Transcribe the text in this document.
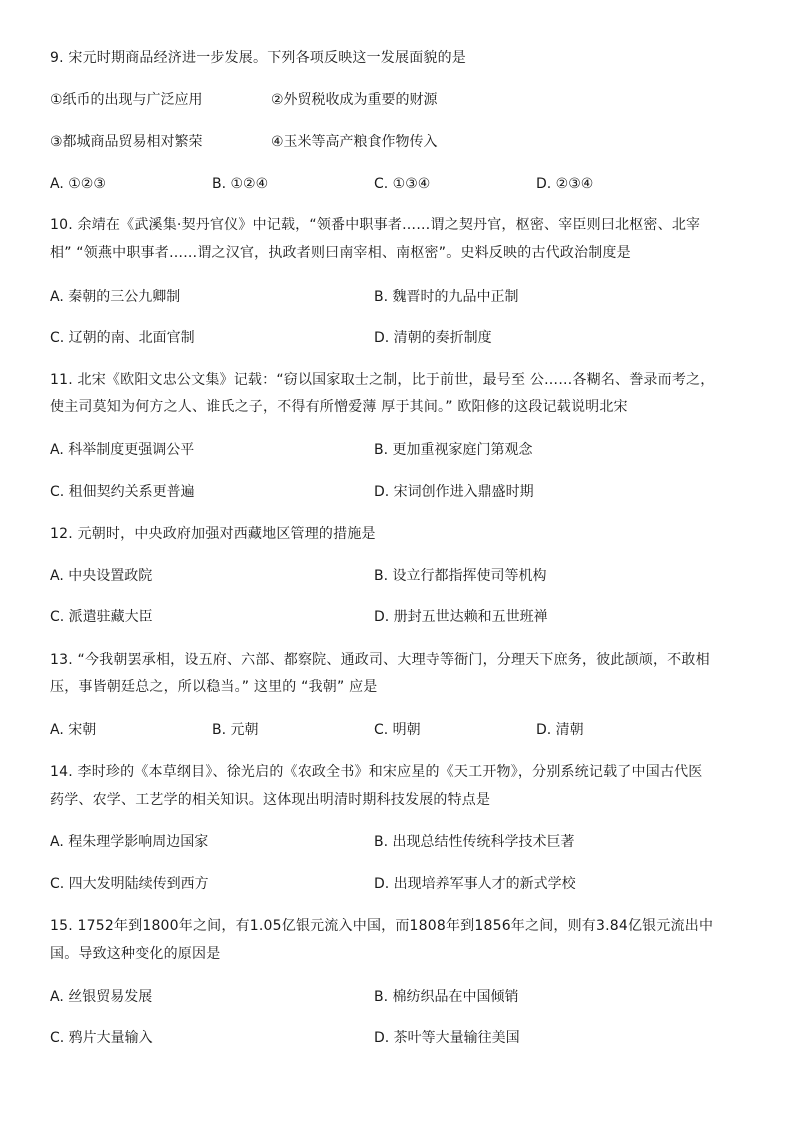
9. 宋元时期商品经济进一步发展。下列各项反映这一发展面貌的是
①纸币的出现与广泛应用	②外贸税收成为重要的财源
③都城商品贸易相对繁荣	④玉米等高产粮食作物传入
A. ①②③	B. ①②④	C. ①③④	D. ②③④
10. 余靖在《武溪集·契丹官仪》中记载，“领番中职事者……谓之契丹官，枢密、宰臣则曰北枢密、北宰
相” “领燕中职事者……谓之汉官，执政者则曰南宰相、南枢密”。史料反映的古代政治制度是
A. 秦朝的三公九卿制	B. 魏晋时的九品中正制
C. 辽朝的南、北面官制	D. 清朝的奏折制度
11. 北宋《欧阳文忠公文集》记载：“窃以国家取士之制，比于前世，最号至 公……各糊名、誊录而考之，
使主司莫知为何方之人、谁氏之子，不得有所憎爱薄 厚于其间。” 欧阳修的这段记载说明北宋
A. 科举制度更强调公平	B. 更加重视家庭门第观念
C. 租佃契约关系更普遍	D. 宋词创作进入鼎盛时期
12. 元朝时，中央政府加强对西藏地区管理的措施是
A. 中央设置政院	B. 设立行都指挥使司等机构
C. 派遣驻藏大臣	D. 册封五世达赖和五世班禅
13. “今我朝罢承相，设五府、六部、都察院、通政司、大理寺等衙门，分理天下庶务，彼此颉颃，不敢相
压，事皆朝廷总之，所以稳当。” 这里的 “我朝” 应是
A. 宋朝	B. 元朝	C. 明朝	D. 清朝
14. 李时珍的《本草纲目》、徐光启的《农政全书》和宋应星的《天工开物》，分别系统记载了中国古代医
药学、农学、工艺学的相关知识。这体现出明清时期科技发展的特点是
A. 程朱理学影响周边国家	B. 出现总结性传统科学技术巨著
C. 四大发明陆续传到西方	D. 出现培养军事人才的新式学校
15. 1752年到1800年之间，有1.05亿银元流入中国，而1808年到1856年之间，则有3.84亿银元流出中
国。导致这种变化的原因是
A. 丝银贸易发展	B. 棉纺织品在中国倾销
C. 鸦片大量输入	D. 茶叶等大量输往美国
